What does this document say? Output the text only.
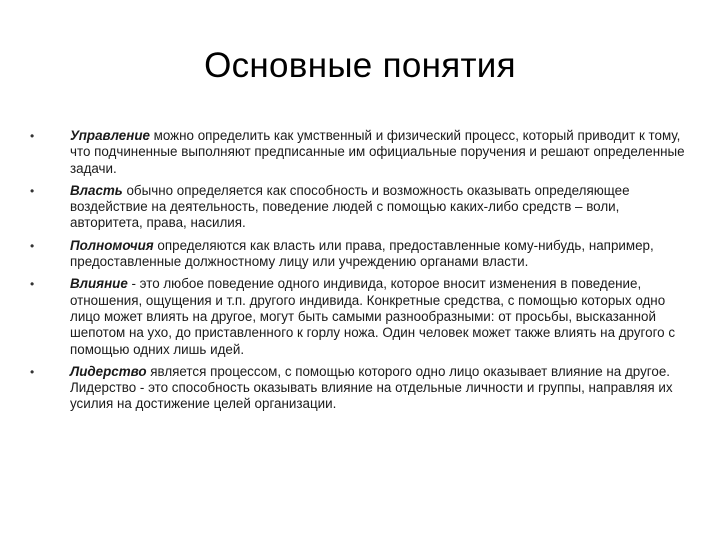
Основные понятия
•	Управление можно определить как умственный и физический процесс, который приводит к тому, что подчиненные выполняют предписанные им официальные поручения и решают определенные задачи.
•	Власть обычно определяется как способность и возможность оказывать определяющее воздействие на деятельность, поведение людей с помощью каких-либо средств – воли, авторитета, права, насилия.
•	Полномочия определяются как власть или права, предоставленные кому-нибудь, например, предоставленные должностному лицу или учреждению органами власти.
•	Влияние - это любое поведение одного индивида, которое вносит изменения в поведение, отношения, ощущения и т.п. другого индивида. Конкретные средства, с помощью которых одно лицо может влиять на другое, могут быть самыми разнообразными: от просьбы, высказанной шепотом на ухо, до приставленного к горлу ножа. Один человек может также влиять на другого с помощью одних лишь идей.
•	Лидерство является процессом, с помощью которого одно лицо оказывает влияние на другое. Лидерство - это способность оказывать влияние на отдельные личности и группы, направляя их усилия на достижение целей организации.
